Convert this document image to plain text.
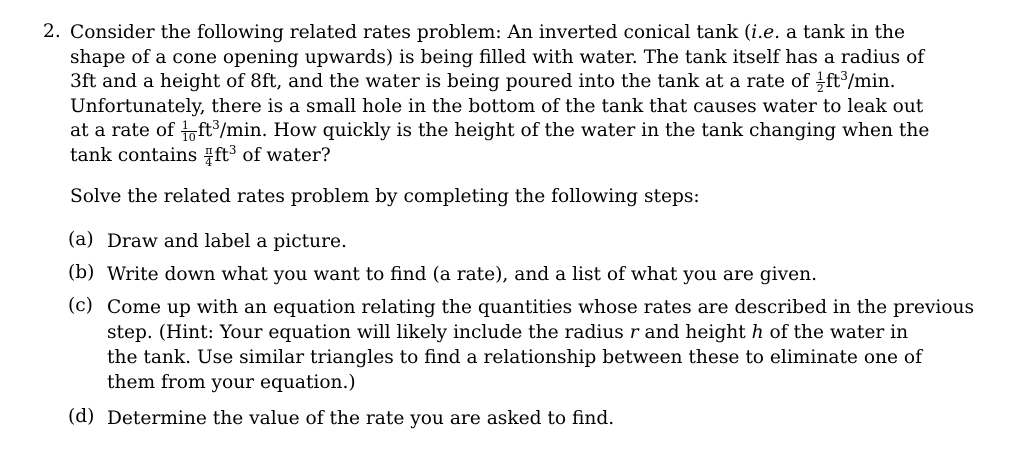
2. Consider the following related rates problem: An inverted conical tank (i.e. a tank in the
shape of a cone opening upwards) is being filled with water. The tank itself has a radius of
3ft and a height of 8ft, and the water is being poured into the tank at a rate of $\frac{1}{2} ft^3/\min$.
Unfortunately, there is a small hole in the bottom of the tank that causes water to leak out
at a rate of $\frac{1}{10} ft^3/\min$. How quickly is the height of the water in the tank changing when the
tank contains $\frac{\pi}{4} ft^3$ of water?
Solve the related rates problem by completing the following steps:
(a) Draw and label a picture.
(b) Write down what you want to find (a rate), and a list of what you are given.
(c) Come up with an equation relating the quantities whose rates are described in the previous
step. (Hint: Your equation will likely include the radius r and height h of the water in
the tank. Use similar triangles to find a relationship between these to eliminate one of
them from your equation.)
(d) Determine the value of the rate you are asked to find.
